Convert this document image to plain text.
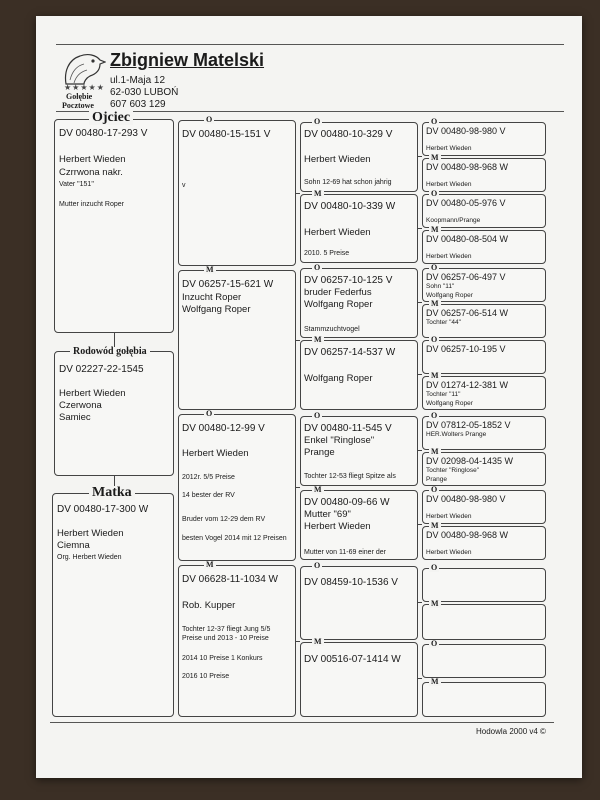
★★★★★
Gołębie
Pocztowe
Zbigniew Matelski
ul.1-Maja 12
62-030 LUBOŃ
607 603 129
Ojciec
DV 00480-17-293 V
Herbert Wieden
Czrrwona nakr.
Vater "151"
Mutter inzucht Roper
Rodowód gołębia
DV 02227-22-1545
Herbert Wieden
Czerwona
Samiec
Matka
DV 00480-17-300 W
Herbert Wieden
Ciemna
Org. Herbert Wieden
O
DV 00480-15-151 V
v
M
DV 06257-15-621 W
Inzucht Roper
Wolfgang Roper
O
DV 00480-12-99 V
Herbert Wieden
2012r. 5/5 Preise
14 bester der RV
Bruder vom 12-29 dem RV
besten Vogel 2014 mit 12 Preisen
M
DV 06628-11-1034 W
Rob. Kupper
Tochter 12-37 fliegt Jung 5/5 Preise und 2013 - 10 Preise
2014 10 Preise 1 Konkurs
2016 10 Preise
O
DV 00480-10-329 V
Herbert Wieden
Sohn 12-69 hat schon jahrig
M
DV 00480-10-339 W
Herbert Wieden
2010. 5 Preise
O
DV 06257-10-125 V
bruder Federfus
Wolfgang Roper
Stammzuchtvogel
M
DV 06257-14-537 W
Wolfgang Roper
O
DV 00480-11-545 V
Enkel "Ringlose"
Prange
Tochter 12-53 fliegt Spitze als
M
DV 00480-09-66 W
Mutter "69"
Herbert Wieden
Mutter von 11-69 einer der
O
DV 08459-10-1536 V
M
DV 00516-07-1414 W
O
DV 00480-98-980 V
Herbert Wieden
M
DV 00480-98-968 W
Herbert Wieden
O
DV 00480-05-976 V
Koopmann/Prange
M
DV 00480-08-504 W
Herbert Wieden
O
DV 06257-06-497 V
Sohn "11"
Wolfgang Roper
M
DV 06257-06-514 W
Tochter "44"
O
DV 06257-10-195 V
M
DV 01274-12-381 W
Tochter "11"
Wolfgang Roper
O
DV 07812-05-1852 V
HER.Wolters Prange
M
DV 02098-04-1435 W
Tochter "Ringlose"
Prange
O
DV 00480-98-980 V
Herbert Wieden
M
DV 00480-98-968 W
Herbert Wieden
O
M
O
M
Hodowla 2000 v4 ©
